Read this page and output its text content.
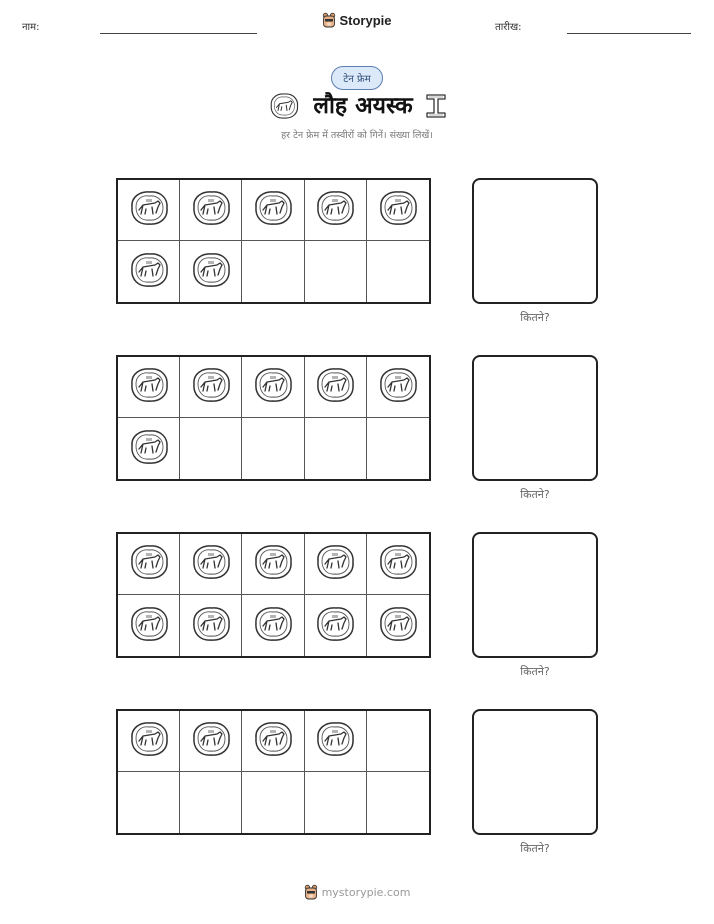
नाम:	Storypie	तारीख:
टेन फ्रेम
लौह अयस्क
हर टेन फ्रेम में तस्वीरों को गिनें। संख्या लिखें।
कितने?
कितने?
कितने?
कितने?
mystorypie.com
